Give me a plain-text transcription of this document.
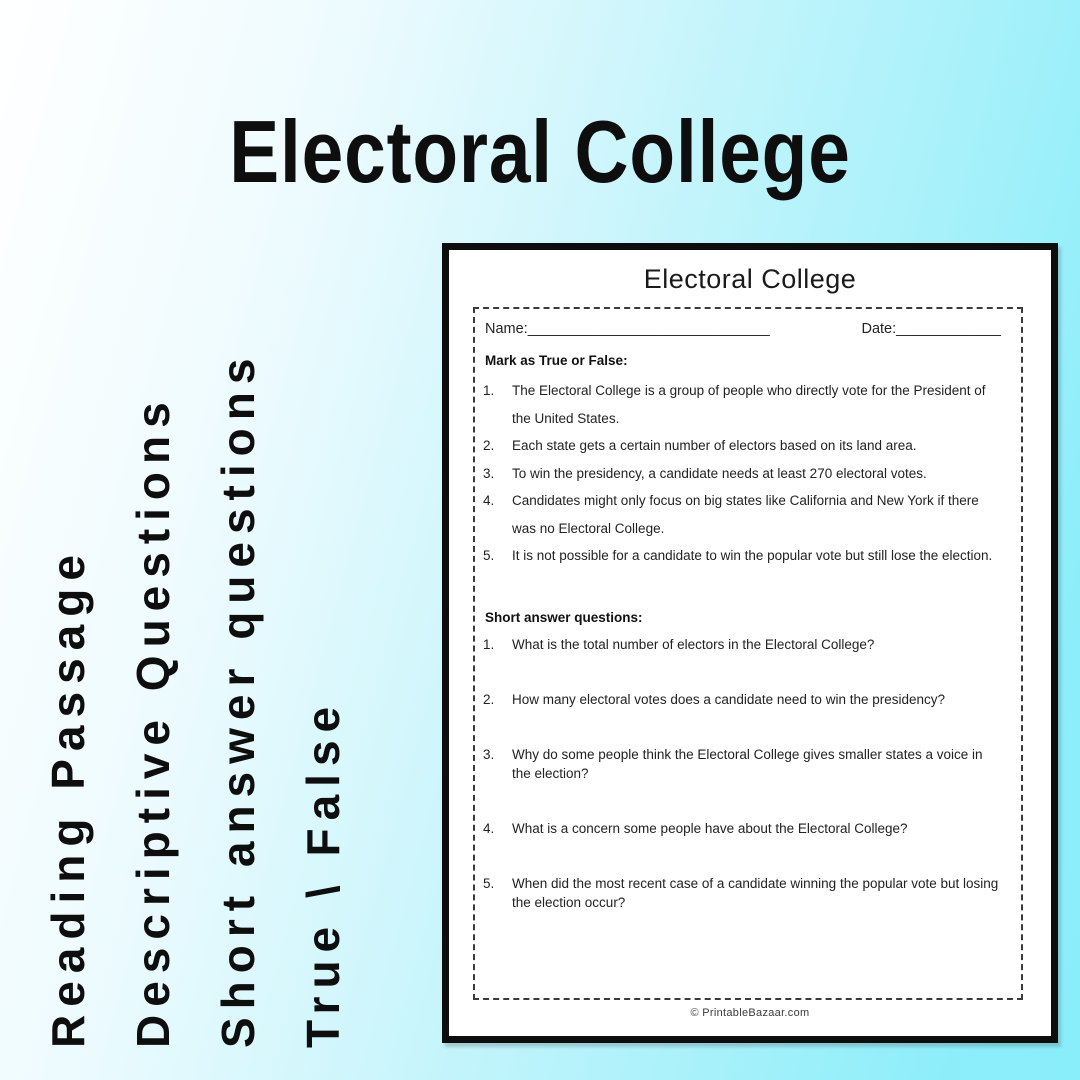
Electoral College
Reading Passage Descriptive Questions Short answer questions True \ False
Electoral College
Name:______________________________	Date:_____________
Mark as True or False:
1.	The Electoral College is a group of people who directly vote for the President of the United States.
2.	Each state gets a certain number of electors based on its land area.
3.	To win the presidency, a candidate needs at least 270 electoral votes.
4.	Candidates might only focus on big states like California and New York if there was no Electoral College.
5.	It is not possible for a candidate to win the popular vote but still lose the election.
Short answer questions:
1.	What is the total number of electors in the Electoral College?
2.	How many electoral votes does a candidate need to win the presidency?
3.	Why do some people think the Electoral College gives smaller states a voice in the election?
4.	What is a concern some people have about the Electoral College?
5.	When did the most recent case of a candidate winning the popular vote but losing the election occur?
© PrintableBazaar.com
